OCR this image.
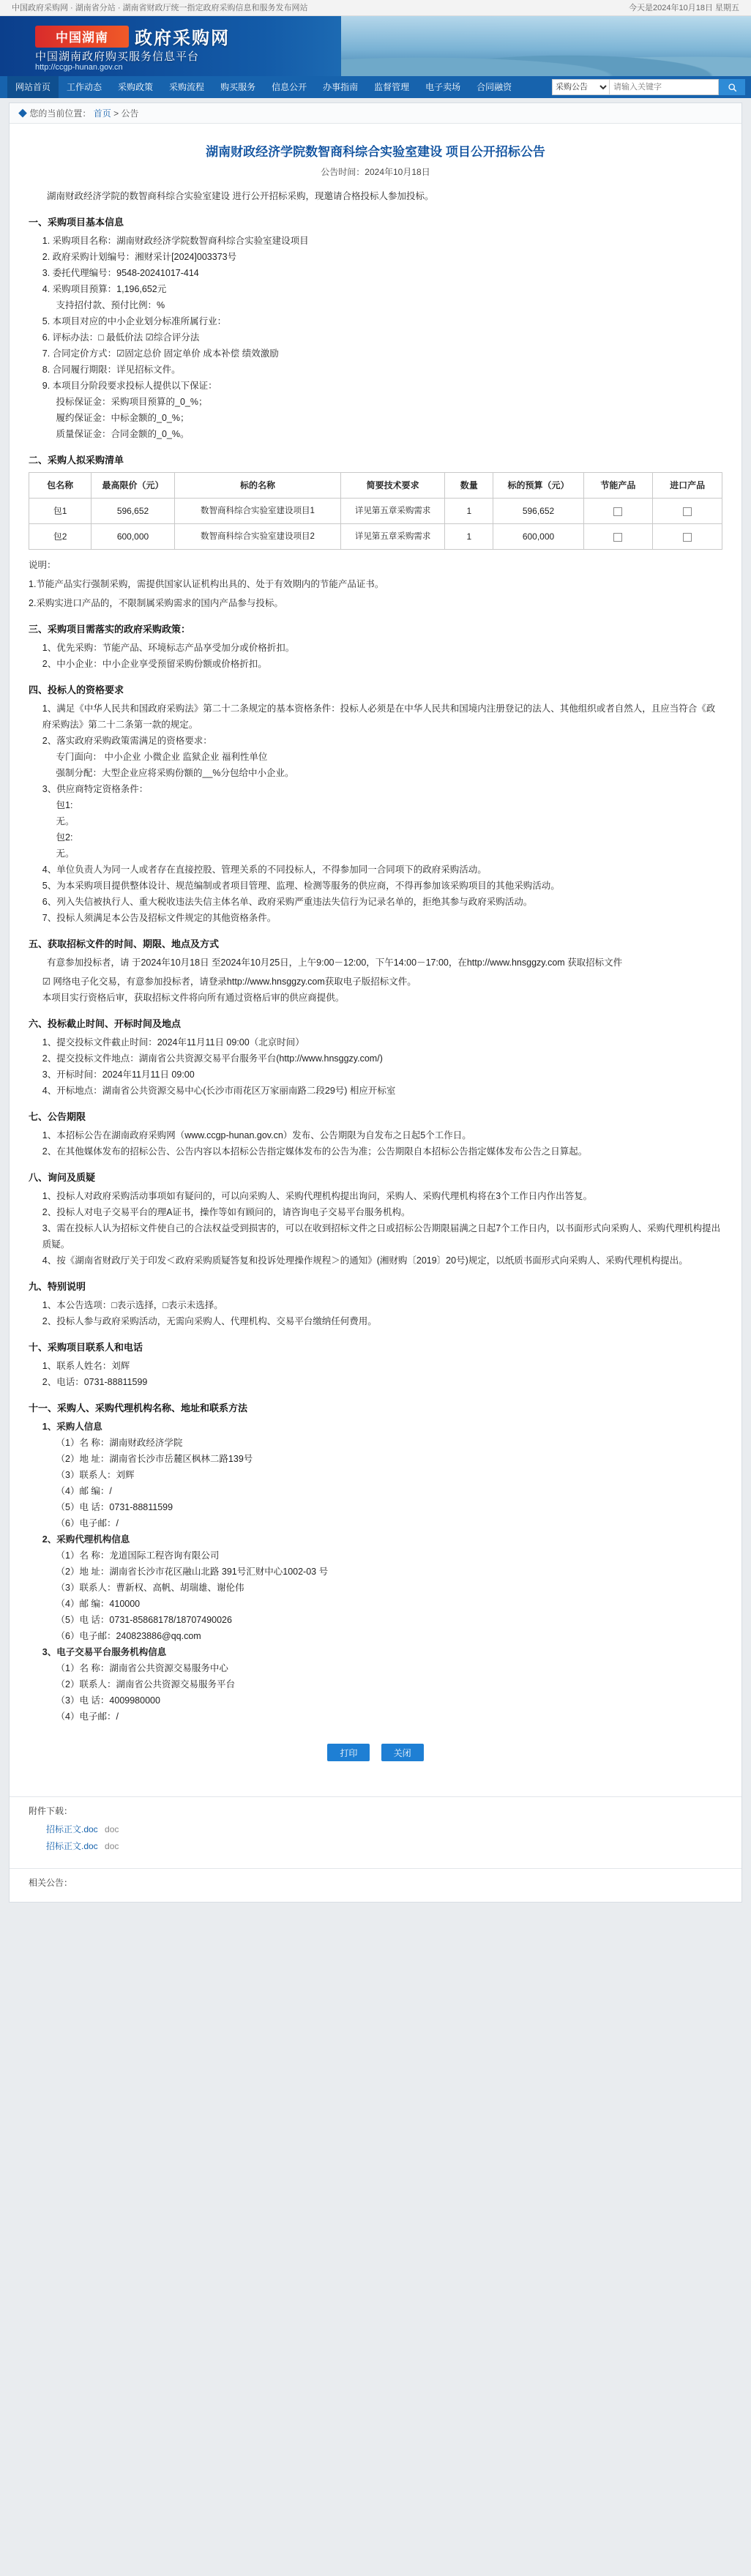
中国政府采购网 · 湖南省分站 · 湖南省财政厅统一指定政府采购信息和服务发布网站	今天是2024年10月18日 星期五
中国湖南	政府采购网
中国湖南政府购买服务信息平台
http://ccgp-hunan.gov.cn
网站首页	工作动态	采购政策	采购流程	购买服务	信息公开	办事指南	监督管理	电子卖场	合同融资
采购公告
请输入关键字
◆ 您的当前位置： 首页 > 公告
湖南财政经济学院数智商科综合实验室建设 项目公开招标公告
公告时间：2024年10月18日

湖南财政经济学院的数智商科综合实验室建设 进行公开招标采购，现邀请合格投标人参加投标。

一、采购项目基本信息
1. 采购项目名称：湖南财政经济学院数智商科综合实验室建设项目
2. 政府采购计划编号：湘财采计[2024]003373号
3. 委托代理编号：9548-20241017-414
4. 采购项目预算：1,196,652元
支持招付款、预付比例：%
5. 本项目对应的中小企业划分标准所属行业：
6. 评标办法：□ 最低价法 ☑综合评分法
7. 合同定价方式：☑固定总价 固定单价 成本补偿 绩效激励
8. 合同履行期限：详见招标文件。
9. 本项目分阶段要求投标人提供以下保证：
投标保证金：采购项目预算的_0_%；
履约保证金：中标金额的_0_%；
质量保证金：合同金额的_0_%。
二、采购人拟采购清单
包名称	最高限价（元）	标的名称	简要技术要求	数量	标的预算（元）	节能产品	进口产品
包1	596,652	数智商科综合实验室建设项目1	详见第五章采购需求	1	596,652		
包2	600,000	数智商科综合实验室建设项目2	详见第五章采购需求	1	600,000		
说明：
1.节能产品实行强制采购，需提供国家认证机构出具的、处于有效期内的节能产品证书。
2.采购实进口产品的，不限制属采购需求的国内产品参与投标。
三、采购项目需落实的政府采购政策：
1、优先采购：节能产品、环境标志产品享受加分或价格折扣。
2、中小企业：中小企业享受预留采购份额或价格折扣。
四、投标人的资格要求
1、满足《中华人民共和国政府采购法》第二十二条规定的基本资格条件：投标人必须是在中华人民共和国境内注册登记的法人、其他组织或者自然人，且应当符合《政府采购法》第二十二条第一款的规定。
2、落实政府采购政策需满足的资格要求：
专门面向： 中小企业 小微企业 监狱企业 福利性单位
强制分配：大型企业应将采购份额的__%分包给中小企业。
3、供应商特定资格条件：
包1:
无。
包2:
无。
4、单位负责人为同一人或者存在直接控股、管理关系的不同投标人，不得参加同一合同项下的政府采购活动。
5、为本采购项目提供整体设计、规范编制或者项目管理、监理、检测等服务的供应商，不得再参加该采购项目的其他采购活动。
6、列入失信被执行人、重大税收违法失信主体名单、政府采购严重违法失信行为记录名单的，拒绝其参与政府采购活动。
7、投标人须满足本公告及招标文件规定的其他资格条件。
五、获取招标文件的时间、期限、地点及方式
有意参加投标者，请 于2024年10月18日 至2024年10月25日，上午9:00－12:00，下午14:00－17:00，在http://www.hnsggzy.com 获取招标文件
☑ 网络电子化交易，有意参加投标者，请登录http://www.hnsggzy.com获取电子版招标文件。
本项目实行资格后审，获取招标文件将向所有通过资格后审的供应商提供。
六、投标截止时间、开标时间及地点
1、提交投标文件截止时间：2024年11月11日 09:00（北京时间）
2、提交投标文件地点：湖南省公共资源交易平台服务平台(http://www.hnsggzy.com/)
3、开标时间：2024年11月11日 09:00
4、开标地点：湖南省公共资源交易中心(长沙市雨花区万家丽南路二段29号) 相应开标室
七、公告期限
1、本招标公告在湖南政府采购网（www.ccgp-hunan.gov.cn）发布、公告期限为自发布之日起5个工作日。
2、在其他媒体发布的招标公告、公告内容以本招标公告指定媒体发布的公告为准；公告期限自本招标公告指定媒体发布公告之日算起。
八、询问及质疑
1、投标人对政府采购活动事项如有疑问的，可以向采购人、采购代理机构提出询问，采购人、采购代理机构将在3个工作日内作出答复。
2、投标人对电子交易平台的理A证书，操作等如有顾问的，请咨询电子交易平台服务机构。
3、需在投标人认为招标文件使自己的合法权益受到损害的，可以在收到招标文件之日或招标公告期限届满之日起7个工作日内，以书面形式向采购人、采购代理机构提出质疑。
4、按《湖南省财政厅关于印发＜政府采购质疑答复和投诉处理操作规程＞的通知》(湘财购〔2019〕20号)规定，以纸质书面形式向采购人、采购代理机构提出。
九、特别说明
1、本公告选项：□表示选择，□表示未选择。
2、投标人参与政府采购活动，无需向采购人、代理机构、交易平台缴纳任何费用。
十、采购项目联系人和电话
1、联系人姓名：刘辉
2、电话：0731-88811599
十一、采购人、采购代理机构名称、地址和联系方法
1、采购人信息
（1）名 称：湖南财政经济学院
（2）地 址：湖南省长沙市岳麓区枫林二路139号
（3）联系人：刘辉
（4）邮 编：/
（5）电 话：0731-88811599
（6）电子邮：/
2、采购代理机构信息
（1）名 称：龙道国际工程咨询有限公司
（2）地 址：湖南省长沙市花区融山北路 391号汇财中心1002-03 号
（3）联系人：曹新权、高帆、胡瑞雄、谢伦伟
（4）邮 编：410000
（5）电 话：0731-85868178/18707490026
（6）电子邮：240823886@qq.com
3、电子交易平台服务机构信息
（1）名 称：湖南省公共资源交易服务中心
（2）联系人：湖南省公共资源交易服务平台
（3）电 话：4009980000
（4）电子邮：/
打印	关闭
附件下载：
招标正文.doc doc
招标正文.doc doc
相关公告：
